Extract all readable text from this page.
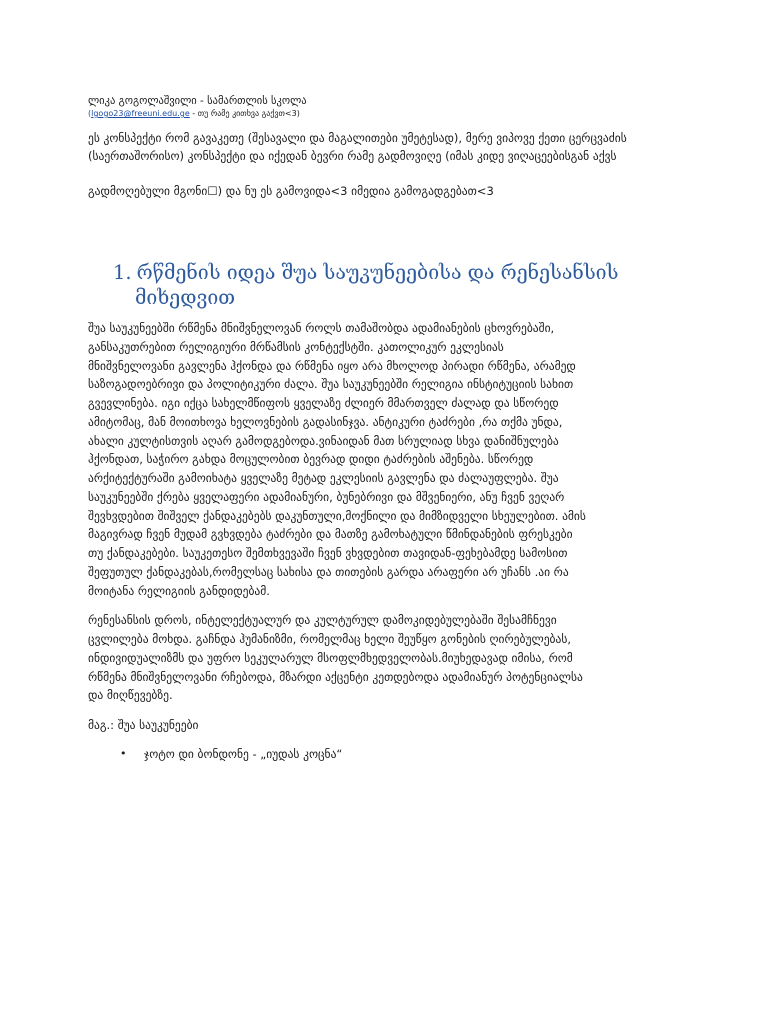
ლიკა გოგოლაშვილი - სამართლის სკოლა

(lgogo23@freeuni.edu.ge - თუ რამე კითხვა გაქვთ<3)

ეს კონსპექტი რომ გავაკეთე (შესავალი და მაგალითები უმეტესად), მერე ვიპოვე ქეთი ცერცვაძის
(საერთაშორისო) კონსპექტი და იქედან ბევრი რამე გადმოვიღე (იმას კიდე ვიღაცეებისგან აქვს

გადმოღებული მგონი☐) და ნუ ეს გამოვიდა<3 იმედია გამოგადგებათ<3

1. რწმენის იდეა შუა საუკუნეებისა და რენესანსის
მიხედვით
შუა საუკუნეებში რწმენა მნიშვნელოვან როლს თამაშობდა ადამიანების ცხოვრებაში,
განსაკუთრებით რელიგიური მრწამსის კონტექსტში. კათოლიკურ ეკლესიას
მნიშვნელოვანი გავლენა ჰქონდა და რწმენა იყო არა მხოლოდ პირადი რწმენა, არამედ
საზოგადოებრივი და პოლიტიკური ძალა. შუა საუკუნეებში რელიგია ინსტიტუციის სახით
გვევლინება. იგი იქცა სახელმწიფოს ყველაზე ძლიერ მმართველ ძალად და სწორედ
ამიტომაც, მან მოითხოვა ხელოვნების გადასინჯვა. ანტიკური ტაძრები ,რა თქმა უნდა,
ახალი კულტისთვის აღარ გამოდგებოდა.ვინაიდან მათ სრულიად სხვა დანიშნულება
ჰქონდათ, საჭირო გახდა მოცულობით ბევრად დიდი ტაძრების აშენება. სწორედ
არქიტექტურაში გამოიხატა ყველაზე მეტად ეკლესიის გავლენა და ძალაუფლება. შუა
საუკუნეებში ქრება ყველაფერი ადამიანური, ბუნებრივი და მშვენიერი, ანუ ჩვენ ვეღარ
შევხვდებით შიშველ ქანდაკებებს დაკუნთული,მოქნილი და მიმზიდველი სხეულებით. ამის
მაგივრად ჩვენ მუდამ გვხვდება ტაძრები და მათზე გამოხატული წმინდანების ფრესკები
თუ ქანდაკებები. საუკეთესო შემთხვევაში ჩვენ ვხვდებით თავიდან-ფეხებამდე სამოსით
შეფუთულ ქანდაკებას,რომელსაც სახისა და თითების გარდა არაფერი არ უჩანს .აი რა
მოიტანა რელიგიის განდიდებამ.
რენესანსის დროს, ინტელექტუალურ და კულტურულ დამოკიდებულებაში შესამჩნევი
ცვლილება მოხდა. გაჩნდა ჰუმანიზმი, რომელმაც ხელი შეუწყო გონების ღირებულებას,
ინდივიდუალიზმს და უფრო სეკულარულ მსოფლმხედველობას.მიუხედავად იმისა, რომ
რწმენა მნიშვნელოვანი რჩებოდა, მზარდი აქცენტი კეთდებოდა ადამიანურ პოტენციალსა
და მიღწევებზე.
მაგ.: შუა საუკუნეები
• ჯოტო დი ბონდონე - „იუდას კოცნა“
